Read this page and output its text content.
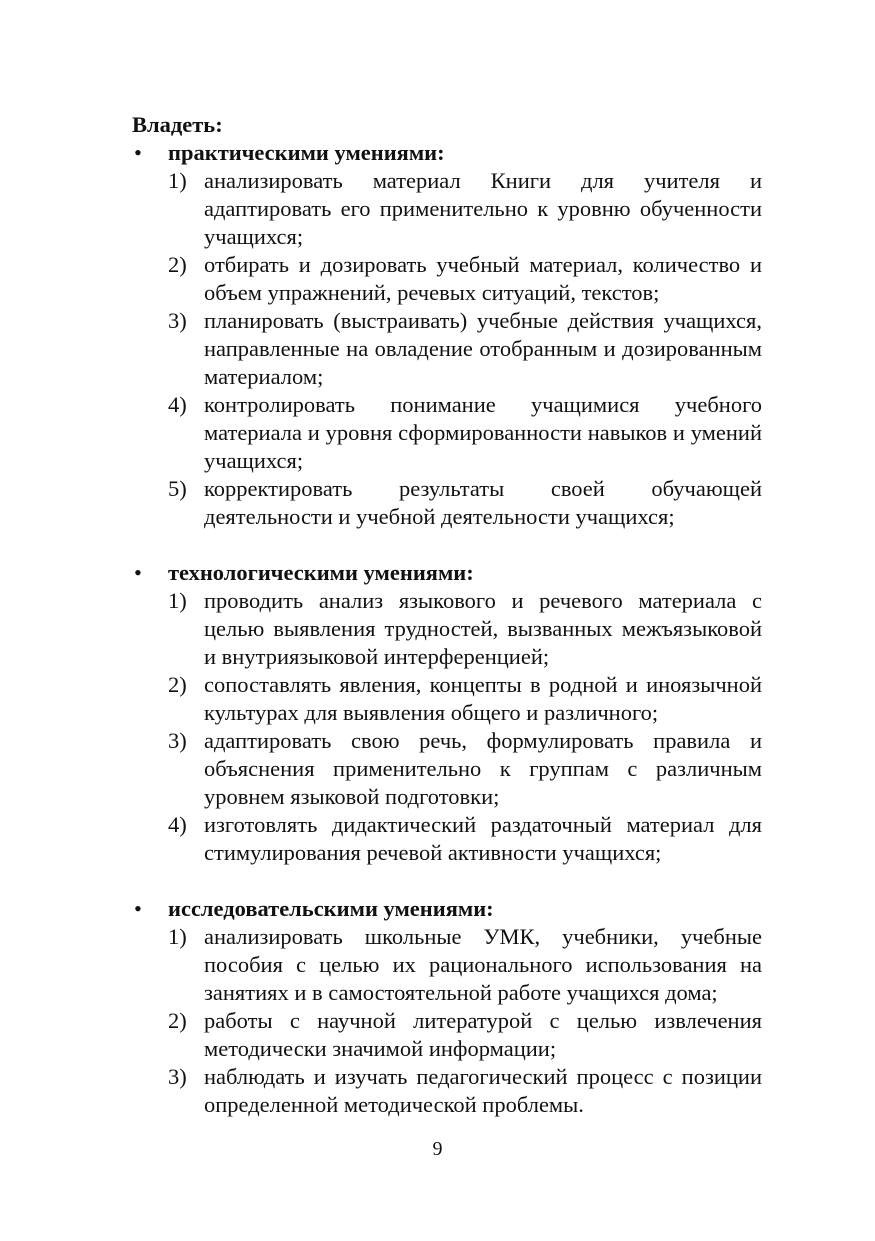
Владеть:

• практическими умениями:
1) анализировать материал Книги для учителя и адаптировать его применительно к уровню обученности учащихся;
2) отбирать и дозировать учебный материал, количество и объем упражнений, речевых ситуаций, текстов;
3) планировать (выстраивать) учебные действия учащихся, направленные на овладение отобранным и дозированным материалом;
4) контролировать понимание учащимися учебного материала и уровня сформированности навыков и умений учащихся;
5) корректировать результаты своей обучающей деятельности и учебной деятельности учащихся;
• технологическими умениями:
1) проводить анализ языкового и речевого материала с целью выявления трудностей, вызванных межъязыковой и внутриязыковой интерференцией;
2) сопоставлять явления, концепты в родной и иноязычной культурах для выявления общего и различного;
3) адаптировать свою речь, формулировать правила и объяснения применительно к группам с различным уровнем языковой подготовки;
4) изготовлять дидактический раздаточный материал для стимулирования речевой активности учащихся;
• исследовательскими умениями:
1) анализировать школьные УМК, учебники, учебные пособия с целью их рационального использования на занятиях и в самостоятельной работе учащихся дома;
2) работы с научной литературой с целью извлечения методически значимой информации;
3) наблюдать и изучать педагогический процесс с позиции определенной методической проблемы.
9
